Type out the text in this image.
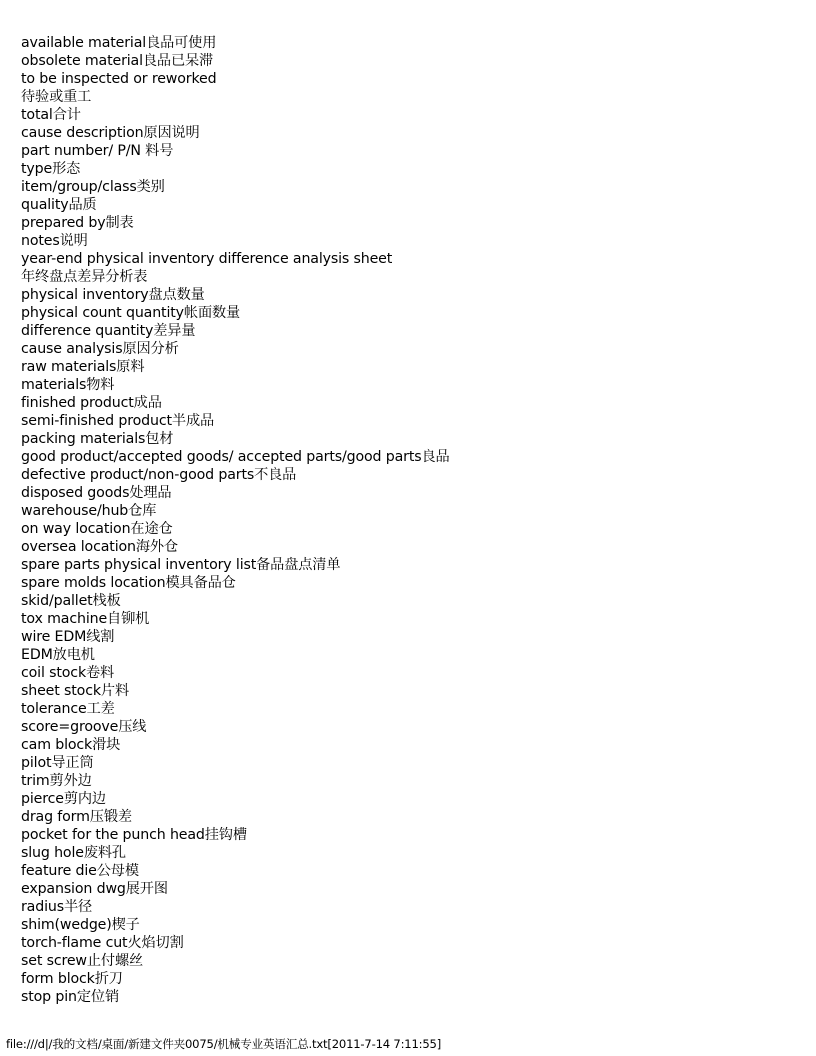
available material良品可使用
obsolete material良品已呆滞
to be inspected or reworked
待验或重工
total合计
cause description原因说明
part number/ P/N 料号
type形态
item/group/class类别
quality品质
prepared by制表
notes说明
year-end physical inventory difference analysis sheet
年终盘点差异分析表
physical inventory盘点数量
physical count quantity帐面数量
difference quantity差异量
cause analysis原因分析
raw materials原料
materials物料
finished product成品
semi-finished product半成品
packing materials包材
good product/accepted goods/ accepted parts/good parts良品
defective product/non-good parts不良品
disposed goods处理品
warehouse/hub仓库
on way location在途仓
oversea location海外仓
spare parts physical inventory list备品盘点清单
spare molds location模具备品仓
skid/pallet栈板
tox machine自铆机
wire EDM线割
EDM放电机
coil stock卷料
sheet stock片料
tolerance工差
score=groove压线
cam block滑块
pilot导正筒
trim剪外边
pierce剪内边
drag form压锻差
pocket for the punch head挂钩槽
slug hole废料孔
feature die公母模
expansion dwg展开图
radius半径
shim(wedge)楔子
torch-flame cut火焰切割
set screw止付螺丝
form block折刀
stop pin定位销
file:///d|/我的文档/桌面/新建文件夹0075/机械专业英语汇总.txt[2011-7-14 7:11:55]
